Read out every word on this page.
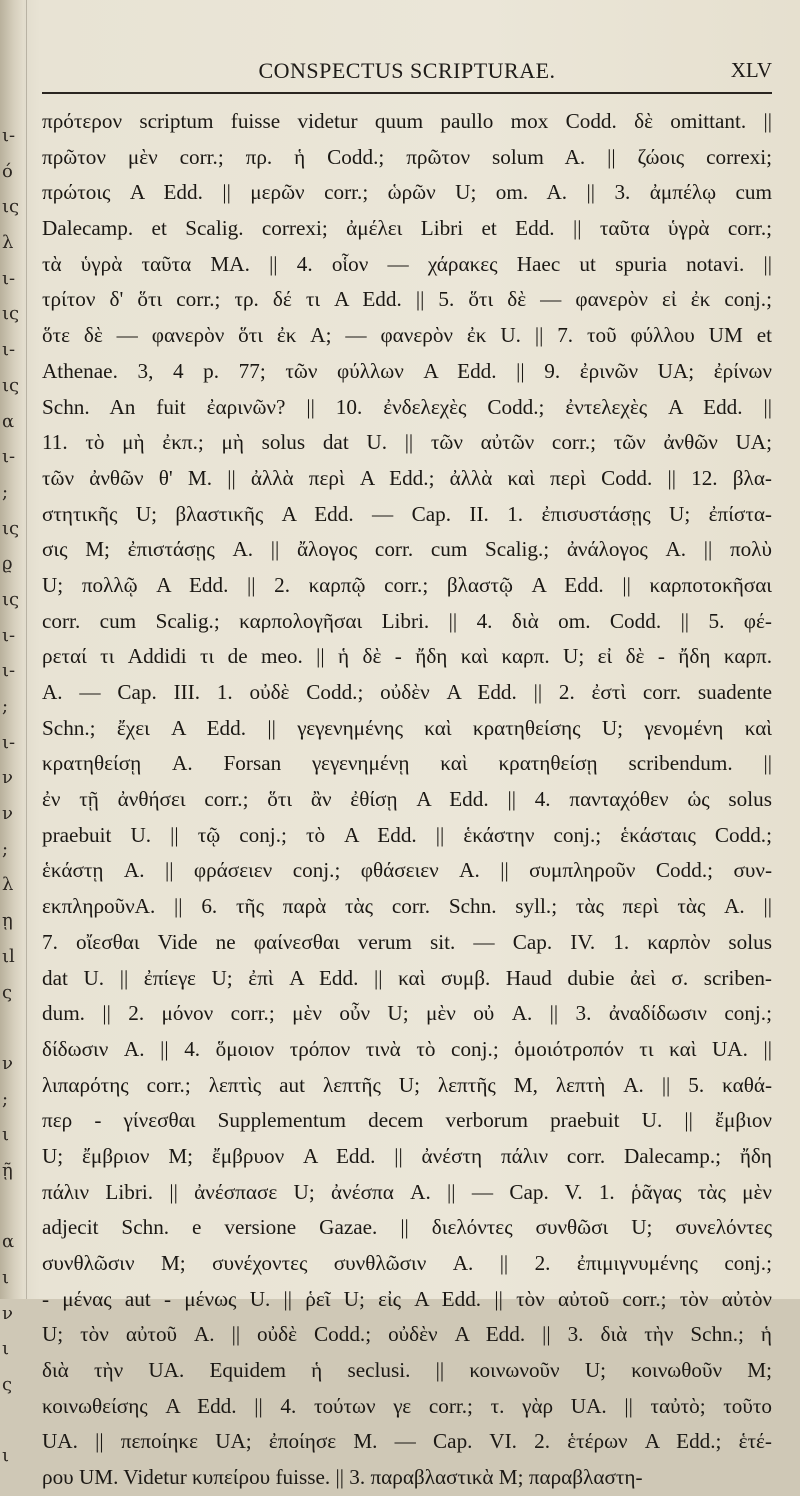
ι-
ό
ις
λ
ι-
ις
ι-
ις
α
ι-
;
ις
ϱ
ις
ι-
ι-
;
ι-
ν
ν
;
λ
ῃ
ιl
ς
ν
;
ι
ῇ
α
ι
ν
ι
ς
ι
CONSPECTUS SCRIPTURAE.	XLV
πρότερον scriptum fuisse videtur quum paullo mox Codd. δὲ omittant. ||
πρῶτον μὲν corr.; πρ. ἡ Codd.; πρῶτον solum A. || ζώοις correxi;
πρώτοις A Edd. || μερῶν corr.; ὡρῶν U; om. A. || 3. ἀμπέλῳ cum
Dalecamp. et Scalig. correxi; ἀμέλει Libri et Edd. || ταῦτα ὑγρὰ corr.;
τὰ ὑγρὰ ταῦτα MA. || 4. οἷον — χάρακες Haec ut spuria notavi. ||
τρίτον δ' ὅτι corr.; τρ. δέ τι A Edd. || 5. ὅτι δὲ — φανερὸν εἰ ἐκ conj.;
ὅτε δὲ — φανερὸν ὅτι ἐκ A; — φανερὸν ἐκ U. || 7. τοῦ φύλλου UM et
Athenae. 3, 4 p. 77; τῶν φύλλων A Edd. || 9. ἐρινῶν UA; ἐρίνων
Schn. An fuit ἐαρινῶν? || 10. ἐνδελεχὲς Codd.; ἐντελεχὲς A Edd. ||
11. τὸ μὴ ἐκπ.; μὴ solus dat U. || τῶν αὐτῶν corr.; τῶν ἀνθῶν UA;
τῶν ἀνθῶν θ' M. || ἀλλὰ περὶ A Edd.; ἀλλὰ καὶ περὶ Codd. || 12. βλα-
στητικῆς U; βλαστικῆς A Edd. — Cap. II. 1. ἐπισυστάσῃς U; ἐπίστα-
σις M; ἐπιστάσῃς A. || ἄλογος corr. cum Scalig.; ἀνάλογος A. || πολὺ
U; πολλῷ A Edd. || 2. καρπῷ corr.; βλαστῷ A Edd. || καρποτοκῆσαι
corr. cum Scalig.; καρπολογῆσαι Libri. || 4. διὰ om. Codd. || 5. φέ-
ρεταί τι Addidi τι de meo. || ἡ δὲ - ἤδη καὶ καρπ. U; εἰ δὲ - ἤδη καρπ.
A. — Cap. III. 1. οὐδὲ Codd.; οὐδὲν A Edd. || 2. ἐστὶ corr. suadente
Schn.; ἔχει A Edd. || γεγενημένης καὶ κρατηθείσης U; γενομένη καὶ
κρατηθείσῃ A. Forsan γεγενημένῃ καὶ κρατηθείσῃ scribendum. ||
ἐν τῇ ἀνθήσει corr.; ὅτι ἂν ἐθίσῃ A Edd. || 4. πανταχόθεν ὡς solus
praebuit U. || τῷ conj.; τὸ A Edd. || ἑκάστην conj.; ἑκάσταις Codd.;
ἑκάστῃ A. || φράσειεν conj.; φθάσειεν A. || συμπληροῦν Codd.; συν-
εκπληροῦνA. || 6. τῆς παρὰ τὰς corr. Schn. syll.; τὰς περὶ τὰς A. ||
7. οἴεσθαι Vide ne φαίνεσθαι verum sit. — Cap. IV. 1. καρπὸν solus
dat U. || ἐπίεγε U; ἐπὶ A Edd. || καὶ συμβ. Haud dubie ἀεὶ σ. scriben-
dum. || 2. μόνον corr.; μὲν οὖν U; μὲν οὐ A. || 3. ἀναδίδωσιν conj.;
δίδωσιν A. || 4. ὅμοιον τρόπον τινὰ τὸ conj.; ὁμοιότροπόν τι καὶ UA. ||
λιπαρότης corr.; λεπτὶς aut λεπτῆς U; λεπτῆς M, λεπτὴ A. || 5. καθά-
περ - γίνεσθαι Supplementum decem verborum praebuit U. || ἔμβιον
U; ἔμβριον M; ἔμβρυον A Edd. || ἀνέστη πάλιν corr. Dalecamp.; ἤδη
πάλιν Libri. || ἀνέσπασε U; ἀνέσπα A. || — Cap. V. 1. ῥᾶγας τὰς μὲν
adjecit Schn. e versione Gazae. || διελόντες συνθῶσι U; συνελόντες
συνθλῶσιν M; συνέχοντες συνθλῶσιν A. || 2. ἐπιμιγνυμένης conj.;
- μένας aut - μένως U. || ῥεῖ U; εἰς A Edd. || τὸν αὐτοῦ corr.; τὸν αὐτὸν
U; τὸν αὐτοῦ A. || οὐδὲ Codd.; οὐδὲν A Edd. || 3. διὰ τὴν Schn.; ἡ
διὰ τὴν UA. Equidem ἡ seclusi. || κοινωνοῦν U; κοινωθοῦν M;
κοινωθείσης A Edd. || 4. τούτων γε corr.; τ. γὰρ UA. || ταὐτὸ; τοῦτο
UA. || πεποίηκε UA; ἐποίησε M. — Cap. VI. 2. ἑτέρων A Edd.; ἑτέ-
ρου UM. Videtur κυπείρου fuisse. || 3. παραβλαστικὰ M; παραβλαστη-
